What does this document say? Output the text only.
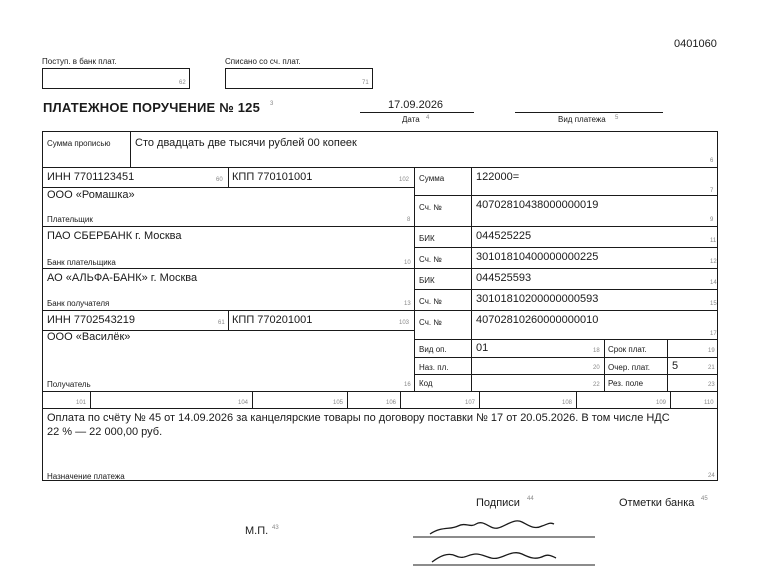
0401060
Поступ. в банк плат.
62
Списано со сч. плат.
71
ПЛАТЕЖНОЕ ПОРУЧЕНИЕ № 125 3	17.09.2026
Дата 4	Вид платежа 5
Сумма прописью Сто двадцать две тысячи рублей 00 копеек
6
ИНН 7701123451	60 КПП 770101001	102
ООО «Ромашка»
Плательщик	8
Сумма	122000=
7
Сч. №	40702810438000000019
9
ПАО СБЕРБАНК г. Москва
Банк плательщика	10
БИК	044525225	11
Сч. №	30101810400000000225	12
АО «АЛЬФА-БАНК» г. Москва
Банк получателя	13
БИК	044525593	14
Сч. №	30101810200000000593	15
ИНН 7702543219	61 КПП 770201001	103
ООО «Василёк»
Получатель	16
Сч. №	40702810260000000010
17
Вид оп.	01	18 Срок плат.	19
Наз. пл.	20 Очер. плат. 5	21
Код	22 Рез. поле	23
101	104	105	106	107	108	109	110
Оплата по счёту № 45 от 14.09.2026 за канцелярские товары по договору поставки № 17 от 20.05.2026. В том числе НДС
22 % — 22 000,00 руб.
Назначение платежа	24
Подписи 44	Отметки банка 45
М.П. 43
